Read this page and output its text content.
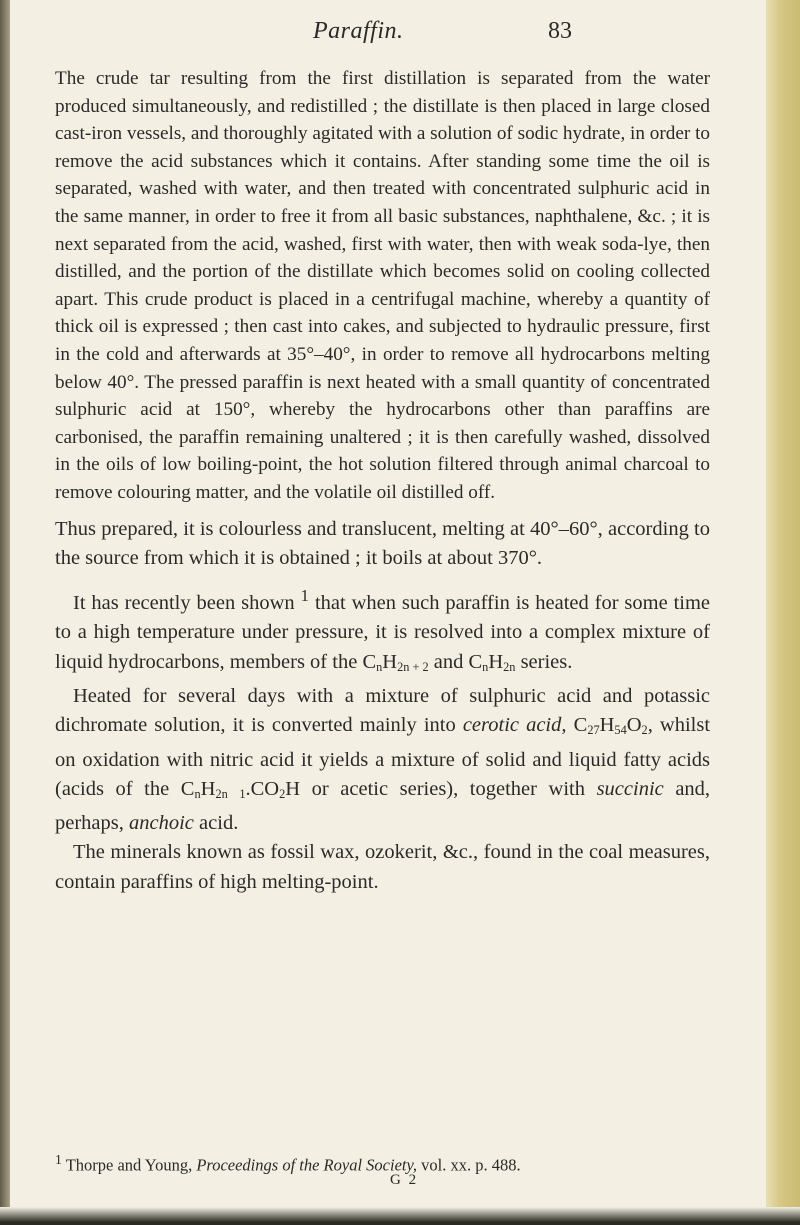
Paraffin.	83

The crude tar resulting from the first distillation is separated from the water produced simultaneously, and redistilled ; the distillate is then placed in large closed cast-iron vessels, and thoroughly agitated with a solution of sodic hydrate, in order to remove the acid substances which it contains. After standing some time the oil is separated, washed with water, and then treated with concentrated sulphuric acid in the same manner, in order to free it from all basic substances, naphthalene, &c. ; it is next separated from the acid, washed, first with water, then with weak soda-lye, then distilled, and the portion of the distillate which becomes solid on cooling collected apart. This crude product is placed in a centrifugal machine, whereby a quantity of thick oil is expressed ; then cast into cakes, and subjected to hydraulic pressure, first in the cold and afterwards at 35°–40°, in order to remove all hydrocarbons melting below 40°. The pressed paraffin is next heated with a small quantity of concentrated sulphuric acid at 150°, whereby the hydrocarbons other than paraffins are carbonised, the paraffin remaining unaltered ; it is then carefully washed, dissolved in the oils of low boiling-point, the hot solution filtered through animal charcoal to remove colouring matter, and the volatile oil distilled off.

Thus prepared, it is colourless and translucent, melting at 40°–60°, according to the source from which it is obtained ; it boils at about 370°.

It has recently been shown $^1$ that when such paraffin is heated for some time to a high temperature under pressure, it is resolved into a complex mixture of liquid hydrocarbons, members of the $C_nH_{2n + 2}$ and $C_nH_{2n}$ series.

Heated for several days with a mixture of sulphuric acid and potassic dichromate solution, it is converted mainly into cerotic acid, $C_{27}H_{54}O_2$, whilst on oxidation with nitric acid it yields a mixture of solid and liquid fatty acids (acids of the $C_nH_{2n}$ $_1.CO_2H$ or acetic series), together with succinic and, perhaps, anchoic acid.

The minerals known as fossil wax, ozokerit, &c., found in the coal measures, contain paraffins of high melting-point.

$^1$ Thorpe and Young, Proceedings of the Royal Society, vol. xx. p. 488.
G 2
